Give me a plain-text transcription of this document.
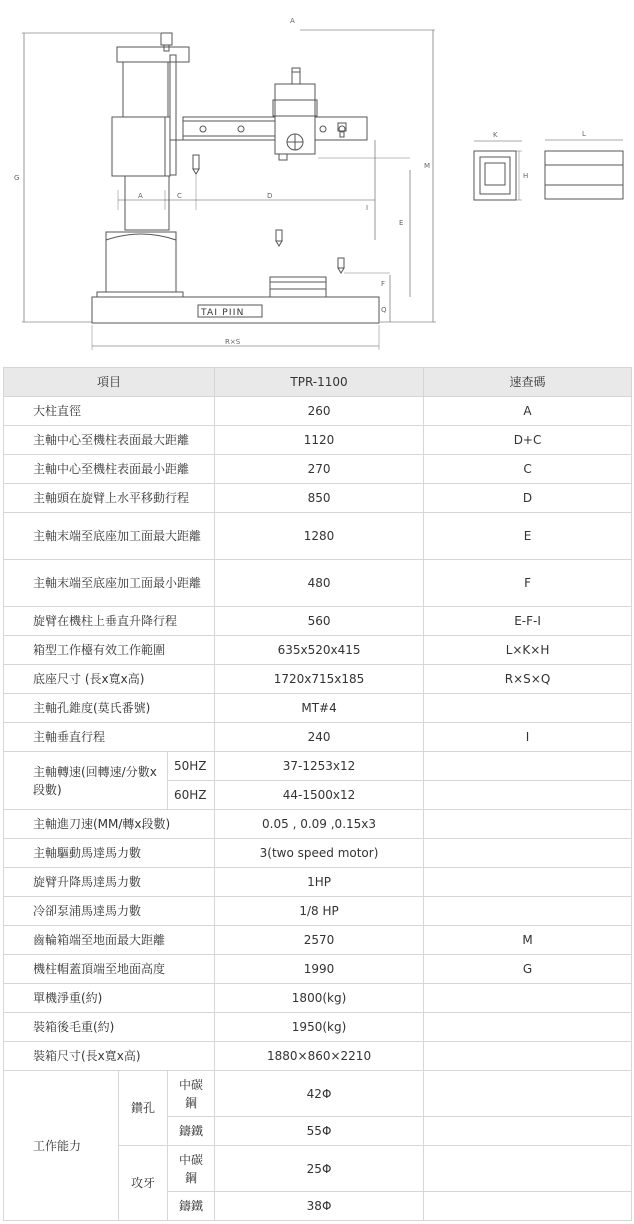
A
G
A	C	D
I
E
F
Q
M
R×S
TAI PIIN
K
H
L
項目			TPR-1100	速查碼
大柱直徑			260	A
主軸中心至機柱表面最大距離			1120	D+C
主軸中心至機柱表面最小距離			270	C
主軸頭在旋臂上水平移動行程			850	D
主軸末端至底座加工面最大距離			1280	E
主軸末端至底座加工面最小距離			480	F
旋臂在機柱上垂直升降行程			560	E-F-I
箱型工作檯有效工作範圍			635x520x415	L×K×H
底座尺寸 (長x寬x高)			1720x715x185	R×S×Q
主軸孔錐度(莫氏番號)			MT#4	
主軸垂直行程			240	I
主軸轉速(回轉速/分數x段數)		50HZ	37-1253x12	
		60HZ	44-1500x12	
主軸進刀速(MM/轉x段數)			0.05 , 0.09 ,0.15x3	
主軸驅動馬達馬力數			3(two speed motor)	
旋臂升降馬達馬力數			1HP	
冷卻泵浦馬達馬力數			1/8 HP	
齒輪箱端至地面最大距離			2570	M
機柱帽蓋頂端至地面高度			1990	G
單機淨重(約)			1800(kg)	
裝箱後毛重(約)			1950(kg)	
裝箱尺寸(長x寬x高)			1880×860×2210	
工作能力	鑽孔	中碳鋼	42Φ	
		鑄鐵	55Φ	
	攻牙	中碳鋼	25Φ	
		鑄鐵	38Φ	
